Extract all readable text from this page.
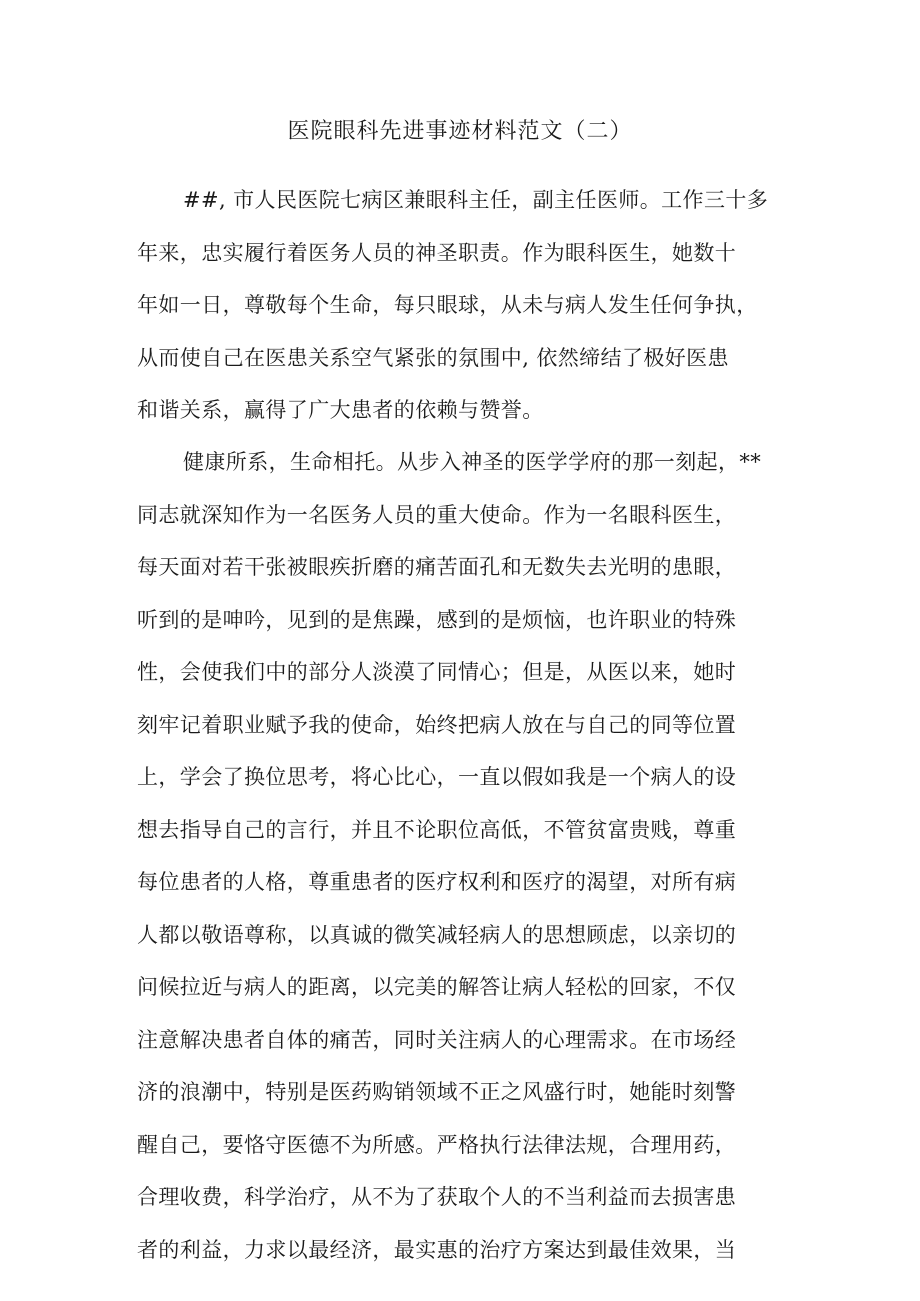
医院眼科先进事迹材料范文（二）
##, 市人民医院七病区兼眼科主任，副主任医师。工作三十多
年来，忠实履行着医务人员的神圣职责。作为眼科医生，她数十
年如一日，尊敬每个生命，每只眼球，从未与病人发生任何争执，
从而使自己在医患关系空气紧张的氛围中, 依然缔结了极好医患
和谐关系，赢得了广大患者的依赖与赞誉。
健康所系，生命相托。从步入神圣的医学学府的那一刻起，**
同志就深知作为一名医务人员的重大使命。作为一名眼科医生，
每天面对若干张被眼疾折磨的痛苦面孔和无数失去光明的患眼，
听到的是呻吟，见到的是焦躁，感到的是烦恼，也许职业的特殊
性，会使我们中的部分人淡漠了同情心；但是，从医以来，她时
刻牢记着职业赋予我的使命，始终把病人放在与自己的同等位置
上，学会了换位思考，将心比心，一直以假如我是一个病人的设
想去指导自己的言行，并且不论职位高低，不管贫富贵贱，尊重
每位患者的人格，尊重患者的医疗权利和医疗的渴望，对所有病
人都以敬语尊称，以真诚的微笑减轻病人的思想顾虑，以亲切的
问候拉近与病人的距离，以完美的解答让病人轻松的回家，不仅
注意解决患者自体的痛苦，同时关注病人的心理需求。在市场经
济的浪潮中，特别是医药购销领域不正之风盛行时，她能时刻警
醒自己，要恪守医德不为所感。严格执行法律法规，合理用药，
合理收费，科学治疗，从不为了获取个人的不当利益而去损害患
者的利益，力求以最经济，最实惠的治疗方案达到最佳效果，当
